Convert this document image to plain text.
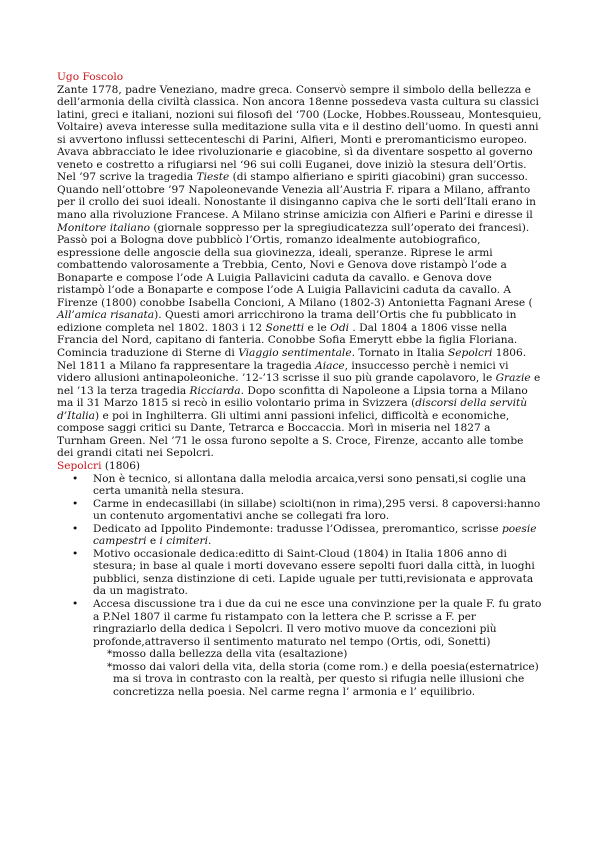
Ugo Foscolo

Zante 1778, padre Veneziano, madre greca. Conservò sempre il simbolo della bellezza e dell’armonia della civiltà classica. Non ancora 18enne possedeva vasta cultura su classici latini, greci e italiani, nozioni sui filosofi del ‘700 (Locke, Hobbes.Rousseau, Montesquieu, Voltaire) aveva interesse sulla meditazione sulla vita e il destino dell’uomo. In questi anni si avvertono influssi settecenteschi di Parini, Alfieri, Monti e preromanticismo europeo. Avava abbracciato le idee rivoluzionarie e giacobine, sì da diventare sospetto al governo veneto e costretto a rifugiarsi nel ‘96 sui colli Euganei, dove iniziò la stesura dell’Ortis. Nel ’97 scrive la tragedia Tieste (di stampo alfieriano e spiriti giacobini) gran successo. Quando nell’ottobre ’97 Napoleonevande Venezia all’Austria F. ripara a Milano, affranto per il crollo dei suoi ideali. Nonostante il disinganno capiva che le sorti dell’Itali erano in mano alla rivoluzione Francese. A Milano strinse amicizia con Alfieri e Parini e diresse il Monitore italiano (giornale soppresso per la spregiudicatezza sull’operato dei francesi). Passò poi a Bologna dove pubblicò l’Ortis, romanzo idealmente autobiografico, espressione delle angoscie della sua giovinezza, ideali, speranze. Riprese le armi combattendo valorosamente a Trebbia, Cento, Novi e Genova dove ristampò l’ode a Bonaparte e compose l’ode A Luigia Pallavicini caduta da cavallo. e Genova dove ristampò l’ode a Bonaparte e compose l’ode A Luigia Pallavicini caduta da cavallo. A Firenze (1800) conobbe Isabella Concioni, A Milano (1802-3) Antonietta Fagnani Arese ( All’amica risanata). Questi amori arricchirono la trama dell’Ortis che fu pubblicato in edizione completa nel 1802. 1803 i 12 Sonetti e le Odi . Dal 1804 a 1806 visse nella Francia del Nord, capitano di fanteria. Conobbe Sofia Emerytt ebbe la figlia Floriana. Comincia traduzione di Sterne di Viaggio sentimentale. Tornato in Italia Sepolcri 1806. Nel 1811 a Milano fa rappresentare la tragedia Aiace, insuccesso perchè i nemici vi videro allusioni antinapoleoniche. ’12-’13 scrisse il suo più grande capolavoro, le Grazie e nel ’13 la terza tragedia Ricciarda. Dopo sconfitta di Napoleone a Lipsia torna a Milano ma il 31 Marzo 1815 si recò in esilio volontario prima in Svizzera (discorsi della servitù d’Italia) e poi in Inghilterra. Gli ultimi anni passioni infelici, difficoltà e economiche, compose saggi critici su Dante, Tetrarca e Boccaccia. Morì in miseria nel 1827 a Turnham Green. Nel ’71 le ossa furono sepolte a S. Croce, Firenze, accanto alle tombe dei grandi citati nei Sepolcri.

Sepolcri (1806)

• Non è tecnico, si allontana dalla melodia arcaica,versi sono pensati,si coglie una certa umanità nella stesura.
• Carme in endecasillabi (in sillabe) sciolti(non in rima),295 versi. 8 capoversi:hanno un contenuto argomentativi anche se collegati fra loro.
• Dedicato ad Ippolito Pindemonte: tradusse l’Odissea, preromantico, scrisse poesie campestri e i cimiteri.
• Motivo occasionale dedica:editto di Saint-Cloud (1804) in Italia 1806 anno di stesura; in base al quale i morti dovevano essere sepolti fuori dalla città, in luoghi pubblici, senza distinzione di ceti. Lapide uguale per tutti,revisionata e approvata da un magistrato.
• Accesa discussione tra i due da cui ne esce una convinzione per la quale F. fu grato a P.Nel 1807 il carme fu ristampato con la lettera che P. scrisse a F. per ringraziarlo della dedica i Sepolcri. Il vero motivo muove da concezioni più profonde,attraverso il sentimento maturato nel tempo (Ortis, odi, Sonetti)

*mosso dalla bellezza della vita (esaltazione)

*mosso dai valori della vita, della storia (come rom.) e della poesia(esternatrice)

ma si trova in contrasto con la realtà, per questo si rifugia nelle illusioni che concretizza nella poesia. Nel carme regna l’ armonia e l’ equilibrio.
